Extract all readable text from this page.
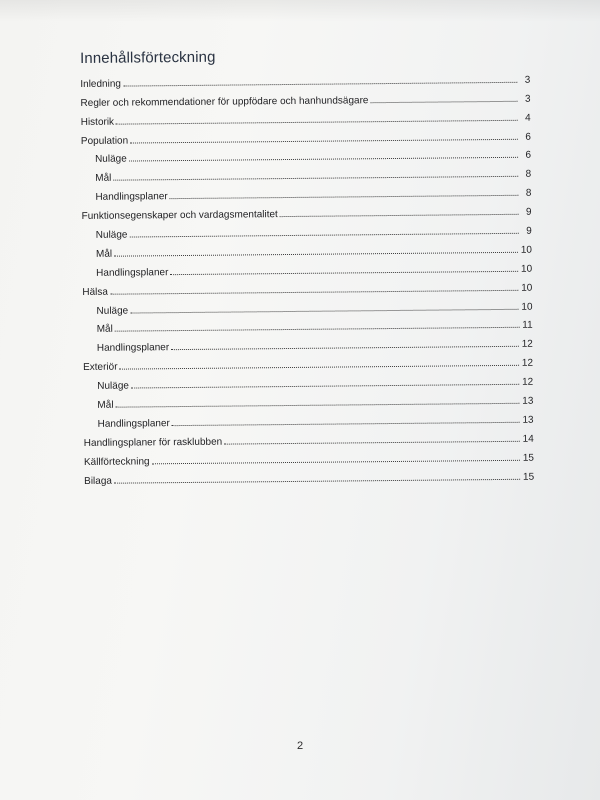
Innehållsförteckning
Inledning	3
Regler och rekommendationer för uppfödare och hanhundsägare	3
Historik	4
Population	6
Nuläge	6
Mål	8
Handlingsplaner	8
Funktionsegenskaper och vardagsmentalitet	9
Nuläge	9
Mål	10
Handlingsplaner	10
Hälsa	10
Nuläge	10
Mål	11
Handlingsplaner	12
Exteriör	12
Nuläge	12
Mål	13
Handlingsplaner	13
Handlingsplaner för rasklubben	14
Källförteckning	15
Bilaga	15
2
